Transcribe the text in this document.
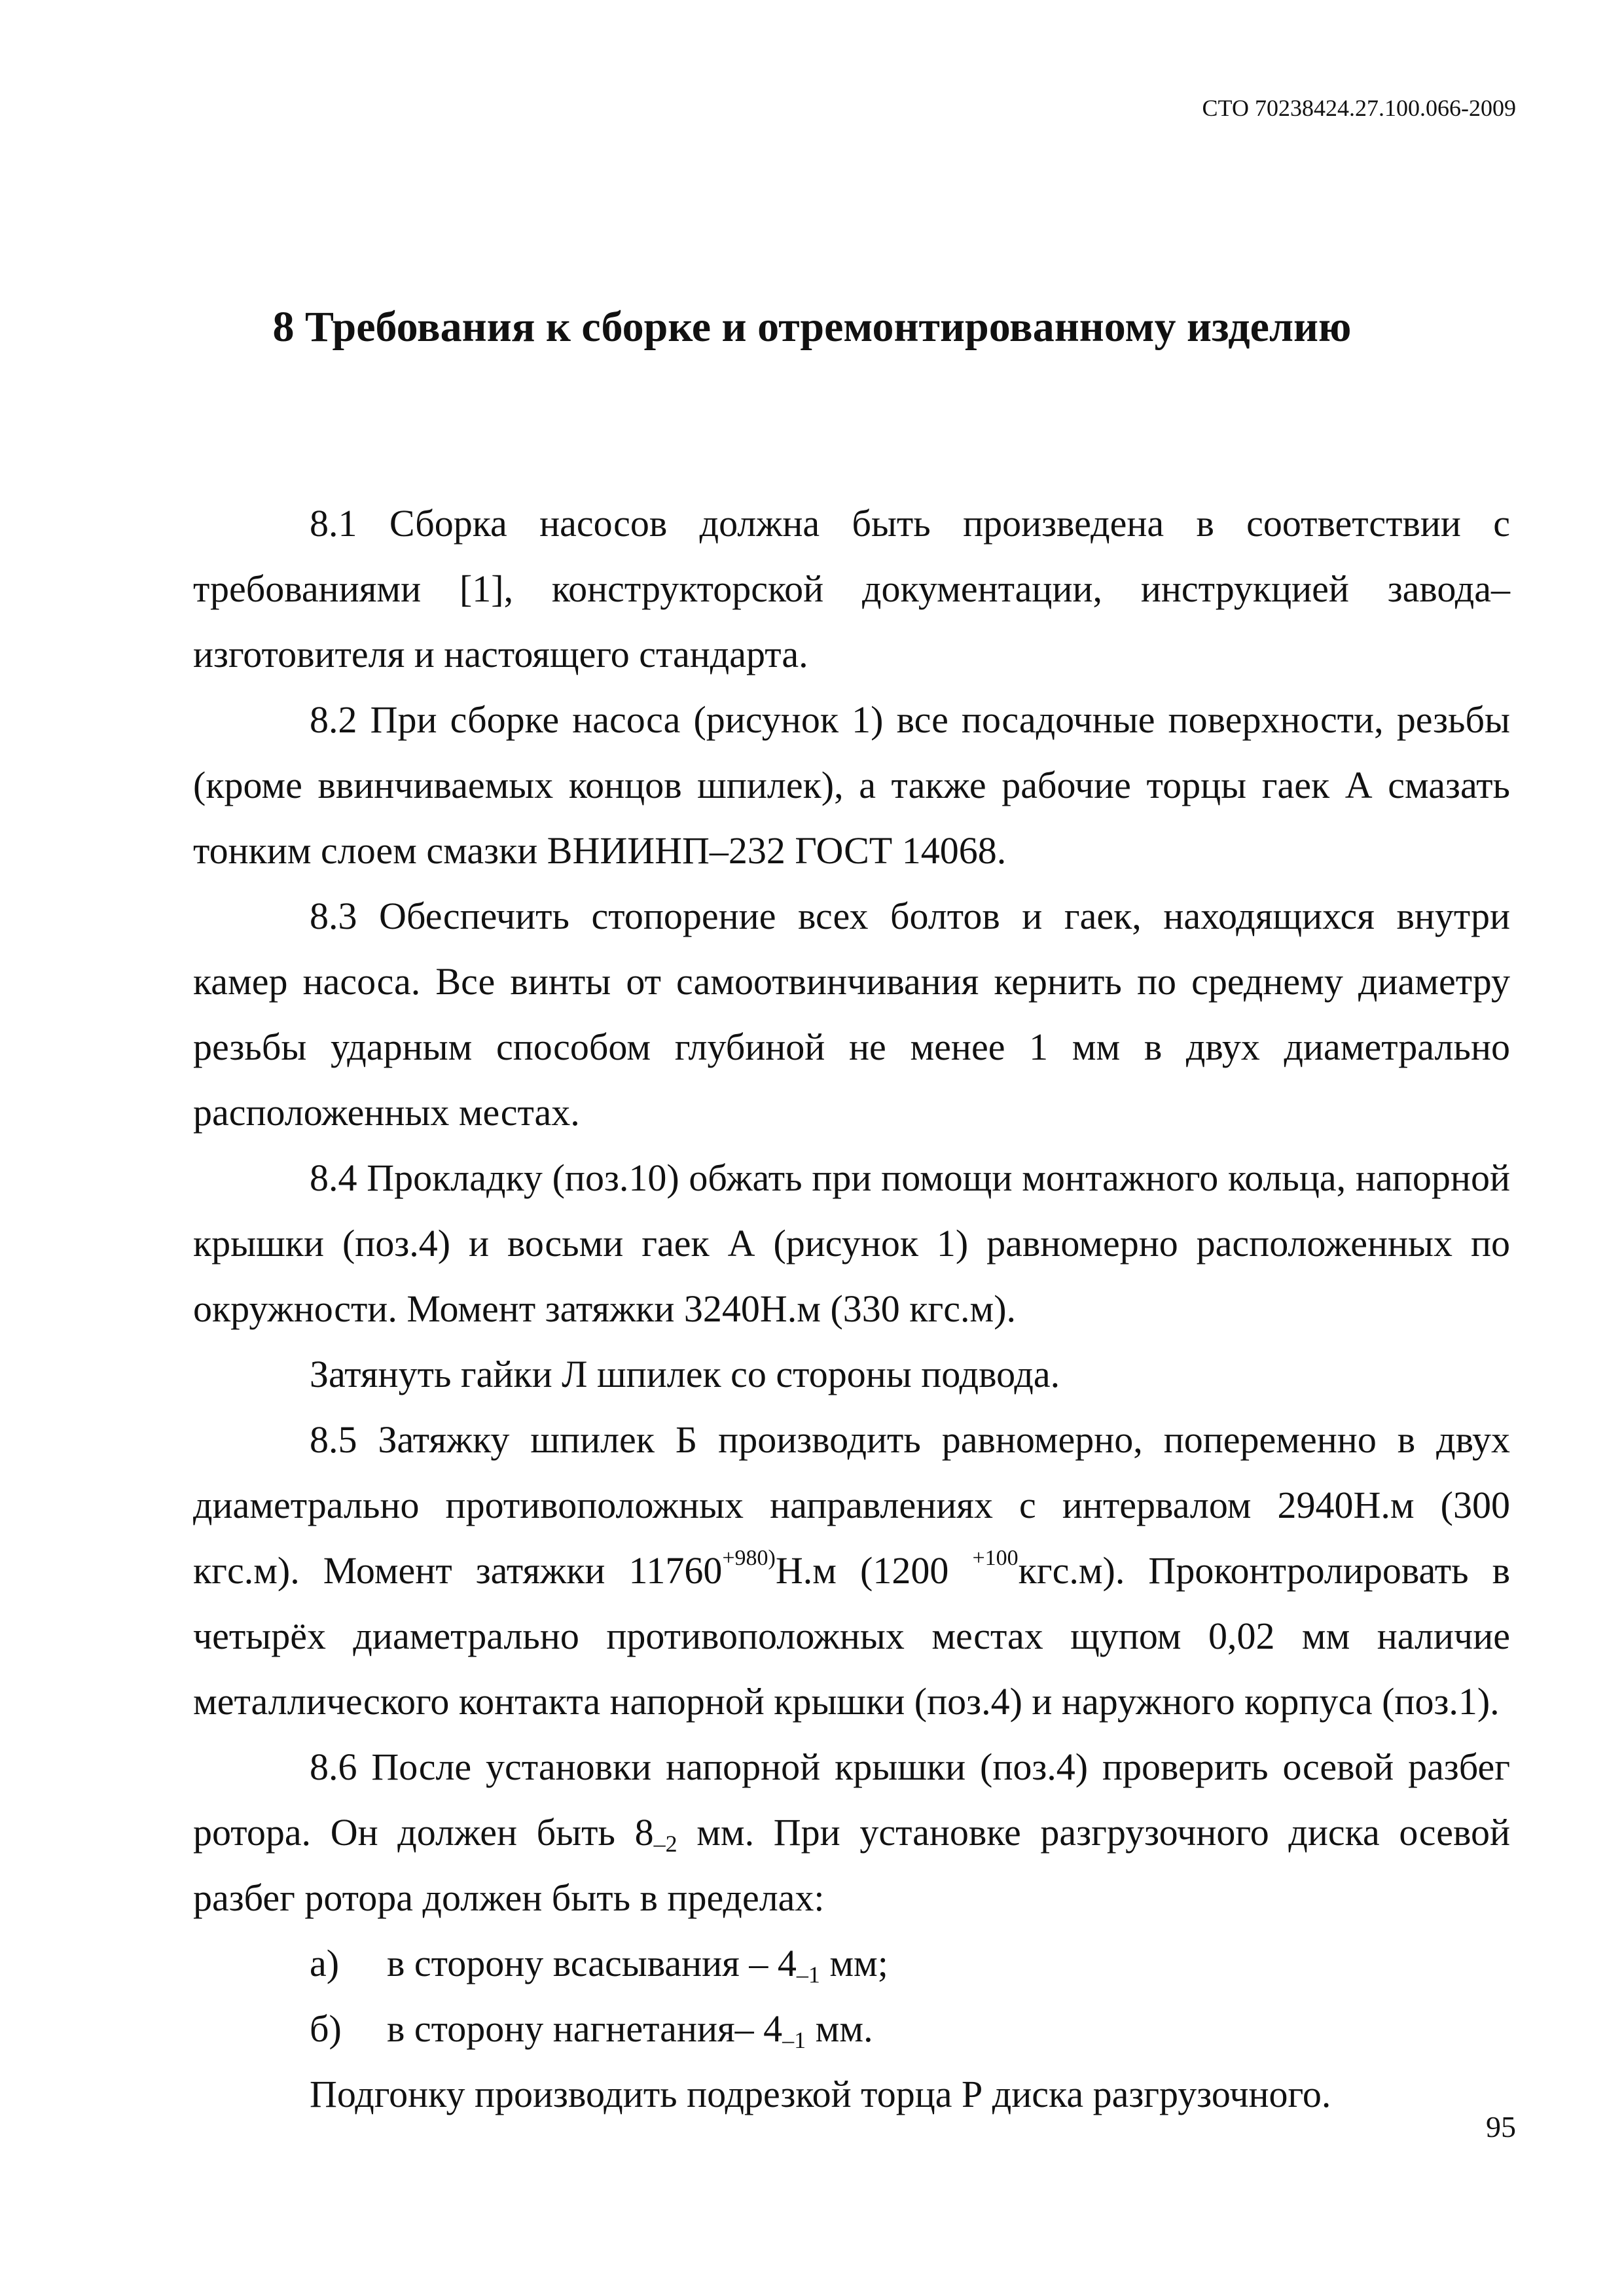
СТО 70238424.27.100.066-2009
8 Требования к сборке и отремонтированному изделию

8.1 Сборка насосов должна быть произведена в соответствии с требованиями [1], конструкторской документации, инструкцией завода–изготовителя и настоящего стандарта.

8.2 При сборке насоса (рисунок 1) все посадочные поверхности, резьбы (кроме ввинчиваемых концов шпилек), а также рабочие торцы гаек А смазать тонким слоем смазки ВНИИНП–232 ГОСТ 14068.

8.3 Обеспечить стопорение всех болтов и гаек, находящихся внутри камер насоса. Все винты от самоотвинчивания кернить по среднему диаметру резьбы ударным способом глубиной не менее 1 мм в двух диаметрально расположенных местах.

8.4 Прокладку (поз.10) обжать при помощи монтажного кольца, напорной крышки (поз.4) и восьми гаек А (рисунок 1) равномерно расположенных по окружности. Момент затяжки 3240Н.м (330 кгс.м).

Затянуть гайки Л шпилек со стороны подвода.

8.5 Затяжку шпилек Б производить равномерно, попеременно в двух диаметрально противоположных направлениях с интервалом 2940Н.м (300 кгс.м). Момент затяжки $11760^{+980)}Н.м$ (1200 $^{+100}$кгс.м). Проконтролировать в четырёх диаметрально противоположных местах щупом 0,02 мм наличие металлического контакта напорной крышки (поз.4) и наружного корпуса (поз.1).

8.6 После установки напорной крышки (поз.4) проверить осевой разбег ротора. Он должен быть $8_{-2}$ мм. При установке разгрузочного диска осевой разбег ротора должен быть в пределах:

а) в сторону всасывания – $4_{-1}$ мм;

б) в сторону нагнетания– $4_{-1}$ мм.

Подгонку производить подрезкой торца Р диска разгрузочного.

95
